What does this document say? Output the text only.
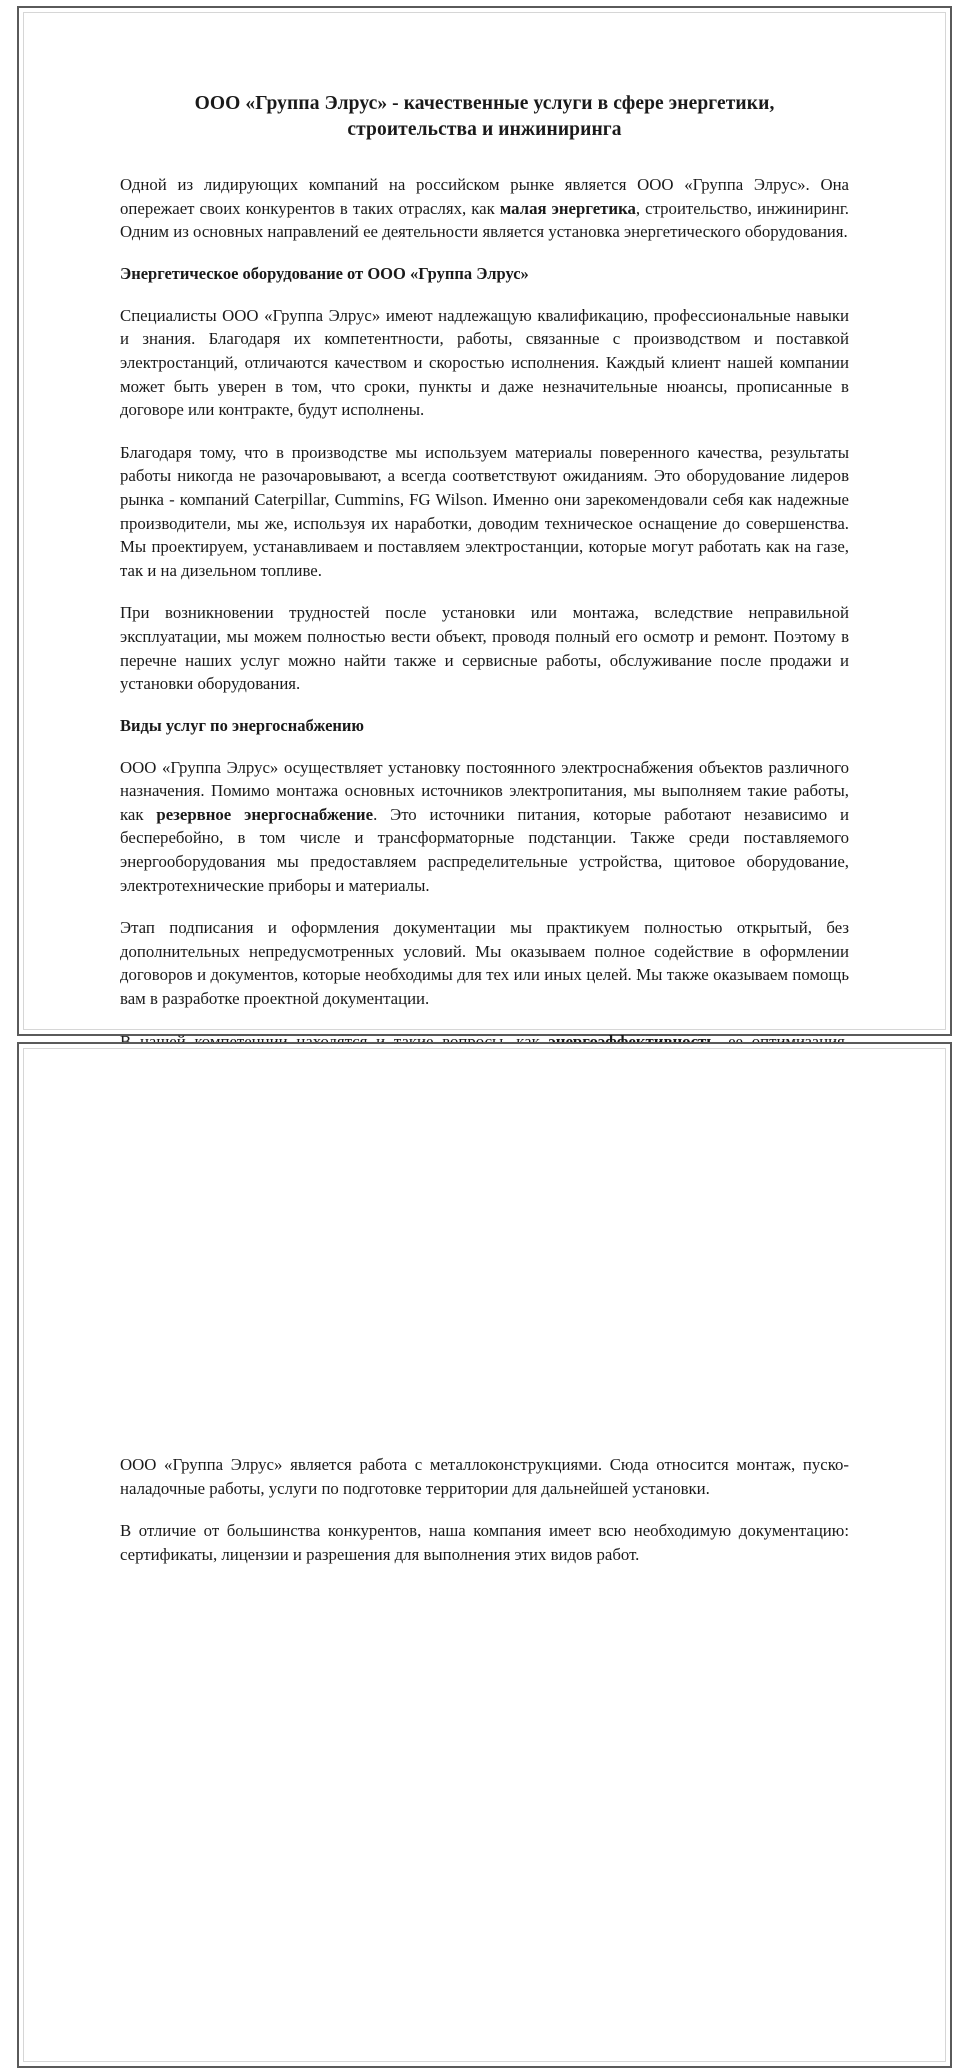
ООО «Группа Элрус» - качественные услуги в сфере энергетики, строительства и инжиниринга

Одной из лидирующих компаний на российском рынке является ООО «Группа Элрус». Она опережает своих конкурентов в таких отраслях, как малая энергетика, строительство, инжиниринг. Одним из основных направлений ее деятельности является установка энергетического оборудования.

Энергетическое оборудование от ООО «Группа Элрус»

Специалисты ООО «Группа Элрус» имеют надлежащую квалификацию, профессиональные навыки и знания. Благодаря их компетентности, работы, связанные с производством и поставкой электростанций, отличаются качеством и скоростью исполнения. Каждый клиент нашей компании может быть уверен в том, что сроки, пункты и даже незначительные нюансы, прописанные в договоре или контракте, будут исполнены.

Благодаря тому, что в производстве мы используем материалы поверенного качества, результаты работы никогда не разочаровывают, а всегда соответствуют ожиданиям. Это оборудование лидеров рынка - компаний Caterpillar, Cummins, FG Wilson. Именно они зарекомендовали себя как надежные производители, мы же, используя их наработки, доводим техническое оснащение до совершенства. Мы проектируем, устанавливаем и поставляем электростанции, которые могут работать как на газе, так и на дизельном топливе.

При возникновении трудностей после установки или монтажа, вследствие неправильной эксплуатации, мы можем полностью вести объект, проводя полный его осмотр и ремонт. Поэтому в перечне наших услуг можно найти также и сервисные работы, обслуживание после продажи и установки оборудования.

Виды услуг по энергоснабжению

ООО «Группа Элрус» осуществляет установку постоянного электроснабжения объектов различного назначения. Помимо монтажа основных источников электропитания, мы выполняем такие работы, как резервное энергоснабжение. Это источники питания, которые работают независимо и бесперебойно, в том числе и трансформаторные подстанции. Также среди поставляемого энергооборудования мы предоставляем распределительные устройства, щитовое оборудование, электротехнические приборы и материалы.

Этап подписания и оформления документации мы практикуем полностью открытый, без дополнительных непредусмотренных условий. Мы оказываем полное содействие в оформлении договоров и документов, которые необходимы для тех или иных целей. Мы также оказываем помощь вам в разработке проектной документации.

ООО «Группа Элрус» является работа с металлоконструкциями. Сюда относится монтаж, пуско-наладочные работы, услуги по подготовке территории для дальнейшей установки.

В отличие от большинства конкурентов, наша компания имеет всю необходимую документацию: сертификаты, лицензии и разрешения для выполнения этих видов работ.
